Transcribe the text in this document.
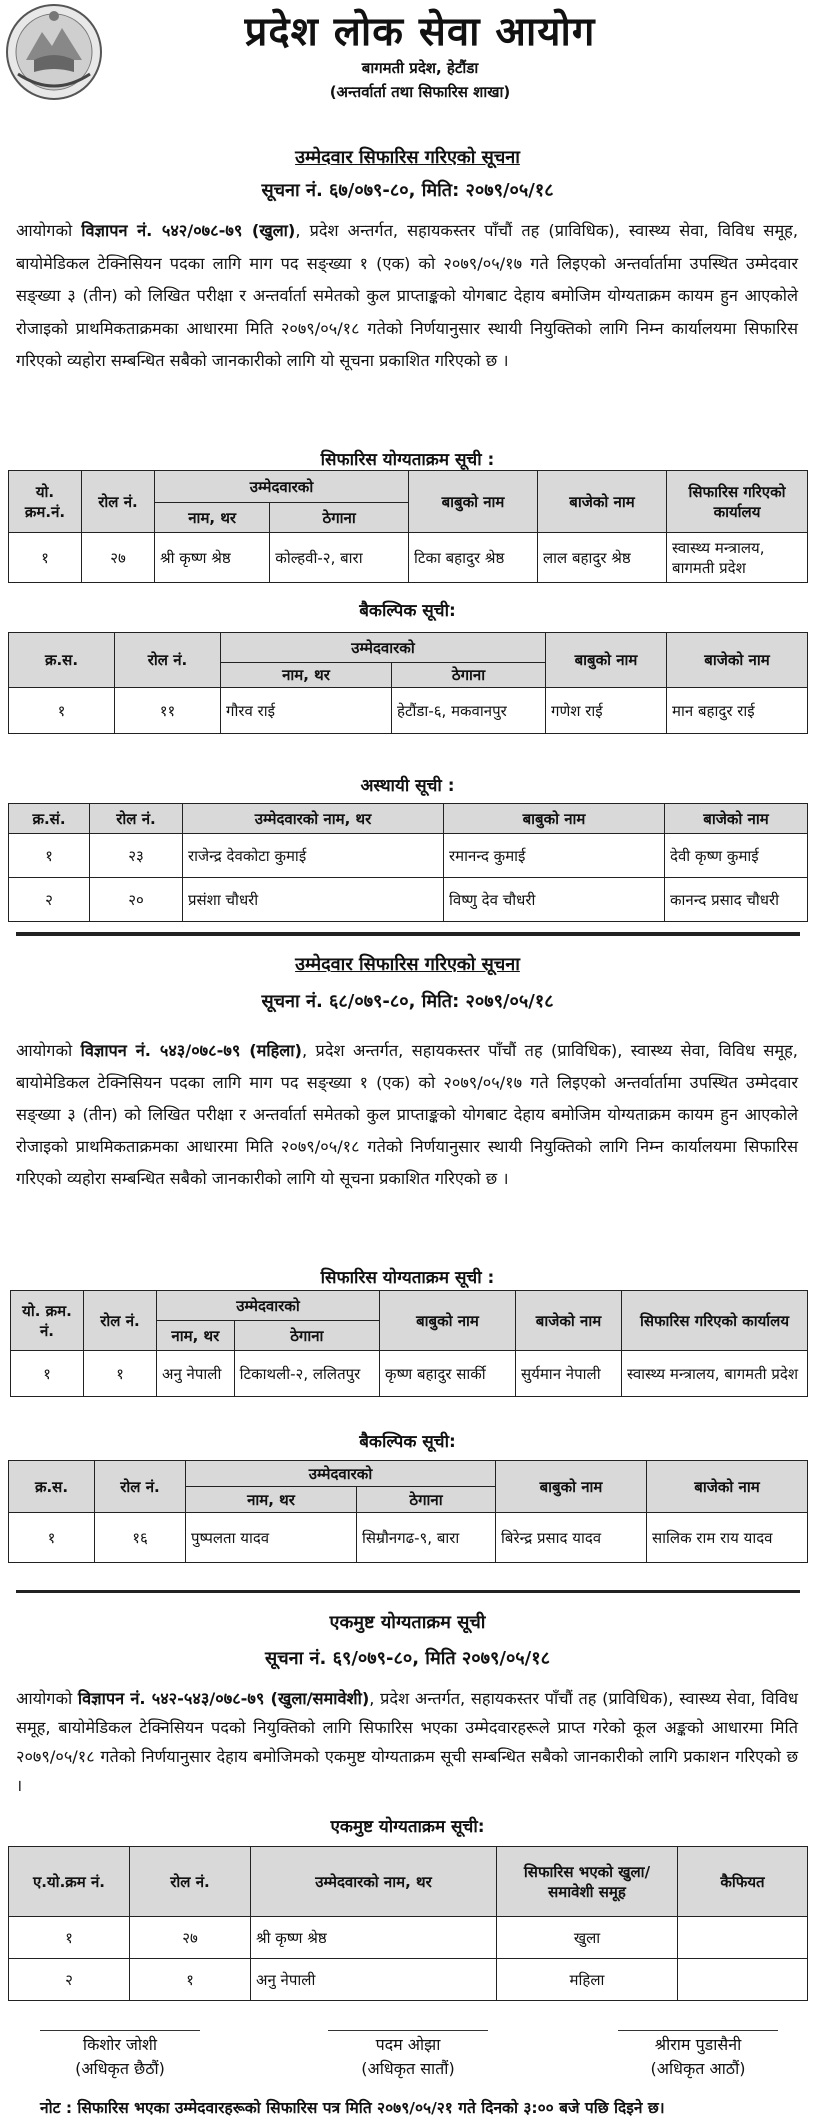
प्रदेश लोक सेवा आयोग
बागमती प्रदेश, हेटौंडा
(अन्तर्वार्ता तथा सिफारिस शाखा)
उम्मेदवार सिफारिस गरिएको सूचना
सूचना नं. ६७/०७९-८०, मिति: २०७९/०५/१८

आयोगको विज्ञापन नं. ५४२/०७८-७९ (खुला), प्रदेश अन्तर्गत, सहायकस्तर पाँचौं तह (प्राविधिक), स्वास्थ्य सेवा, विविध समूह, बायोमेडिकल टेक्निसियन पदका लागि माग पद सङ्ख्या १ (एक) को २०७९/०५/१७ गते लिइएको अन्तर्वार्तामा उपस्थित उम्मेदवार सङ्ख्या ३ (तीन) को लिखित परीक्षा र अन्तर्वार्ता समेतको कुल प्राप्ताङ्कको योगबाट देहाय बमोजिम योग्यताक्रम कायम हुन आएकोले रोजाइको प्राथमिकताक्रमका आधारमा मिति २०७९/०५/१८ गतेको निर्णयानुसार स्थायी नियुक्तिको लागि निम्न कार्यालयमा सिफारिस गरिएको व्यहोरा सम्बन्धित सबैको जानकारीको लागि यो सूचना प्रकाशित गरिएको छ ।

सिफारिस योग्यताक्रम सूची :
यो. क्रम.नं.	रोल नं.	उम्मेदवारको		बाबुको नाम	बाजेको नाम	सिफारिस गरिएको कार्यालय
		नाम, थर	ठेगाना			
१	२७	श्री कृष्ण श्रेष्ठ	कोल्हवी-२, बारा	टिका बहादुर श्रेष्ठ	लाल बहादुर श्रेष्ठ	स्वास्थ्य मन्त्रालय, बागमती प्रदेश
बैकल्पिक सूची:
क्र.स.	रोल नं.	उम्मेदवारको		बाबुको नाम	बाजेको नाम
		नाम, थर	ठेगाना		
१	११	गौरव राई	हेटौंडा-६, मकवानपुर	गणेश राई	मान बहादुर राई
अस्थायी सूची :
क्र.सं.	रोल नं.	उम्मेदवारको नाम, थर	बाबुको नाम	बाजेको नाम
१	२३	राजेन्द्र देवकोटा कुमाई	रमानन्द कुमाई	देवी कृष्ण कुमाई
२	२०	प्रसंशा चौधरी	विष्णु देव चौधरी	कानन्द प्रसाद चौधरी
उम्मेदवार सिफारिस गरिएको सूचना
सूचना नं. ६८/०७९-८०, मिति: २०७९/०५/१८

आयोगको विज्ञापन नं. ५४३/०७८-७९ (महिला), प्रदेश अन्तर्गत, सहायकस्तर पाँचौं तह (प्राविधिक), स्वास्थ्य सेवा, विविध समूह, बायोमेडिकल टेक्निसियन पदका लागि माग पद सङ्ख्या १ (एक) को २०७९/०५/१७ गते लिइएको अन्तर्वार्तामा उपस्थित उम्मेदवार सङ्ख्या ३ (तीन) को लिखित परीक्षा र अन्तर्वार्ता समेतको कुल प्राप्ताङ्कको योगबाट देहाय बमोजिम योग्यताक्रम कायम हुन आएकोले रोजाइको प्राथमिकताक्रमका आधारमा मिति २०७९/०५/१८ गतेको निर्णयानुसार स्थायी नियुक्तिको लागि निम्न कार्यालयमा सिफारिस गरिएको व्यहोरा सम्बन्धित सबैको जानकारीको लागि यो सूचना प्रकाशित गरिएको छ ।

सिफारिस योग्यताक्रम सूची :
यो. क्रम. नं.	रोल नं.	उम्मेदवारको		बाबुको नाम	बाजेको नाम	सिफारिस गरिएको कार्यालय
		नाम, थर	ठेगाना			
१	१	अनु नेपाली	टिकाथली-२, ललितपुर	कृष्ण बहादुर सार्की	सुर्यमान नेपाली	स्वास्थ्य मन्त्रालय, बागमती प्रदेश
बैकल्पिक सूची:
क्र.स.	रोल नं.	उम्मेदवारको		बाबुको नाम	बाजेको नाम
		नाम, थर	ठेगाना		
१	१६	पुष्पलता यादव	सिम्रौनगढ-९, बारा	बिरेन्द्र प्रसाद यादव	सालिक राम राय यादव
एकमुष्ट योग्यताक्रम सूची
सूचना नं. ६९/०७९-८०, मिति २०७९/०५/१८

आयोगको विज्ञापन नं. ५४२-५४३/०७८-७९ (खुला/समावेशी), प्रदेश अन्तर्गत, सहायकस्तर पाँचौं तह (प्राविधिक), स्वास्थ्य सेवा, विविध समूह, बायोमेडिकल टेक्निसियन पदको नियुक्तिको लागि सिफारिस भएका उम्मेदवारहरूले प्राप्त गरेको कूल अङ्कको आधारमा मिति २०७९/०५/१८ गतेको निर्णयानुसार देहाय बमोजिमको एकमुष्ट योग्यताक्रम सूची सम्बन्धित सबैको जानकारीको लागि प्रकाशन गरिएको छ ।

एकमुष्ट योग्यताक्रम सूची:
ए.यो.क्रम नं.	रोल नं.	उम्मेदवारको नाम, थर	सिफारिस भएको खुला/ समावेशी समूह	कैफियत
१	२७	श्री कृष्ण श्रेष्ठ	खुला	
२	१	अनु नेपाली	महिला	
किशोर जोशी
(अधिकृत छैठौं)
पदम ओझा
(अधिकृत सातौं)
श्रीराम पुडासैनी
(अधिकृत आठौं)
नोट : सिफारिस भएका उम्मेदवारहरूको सिफारिस पत्र मिति २०७९/०५/२१ गते दिनको ३:०० बजे पछि दिइने छ।
